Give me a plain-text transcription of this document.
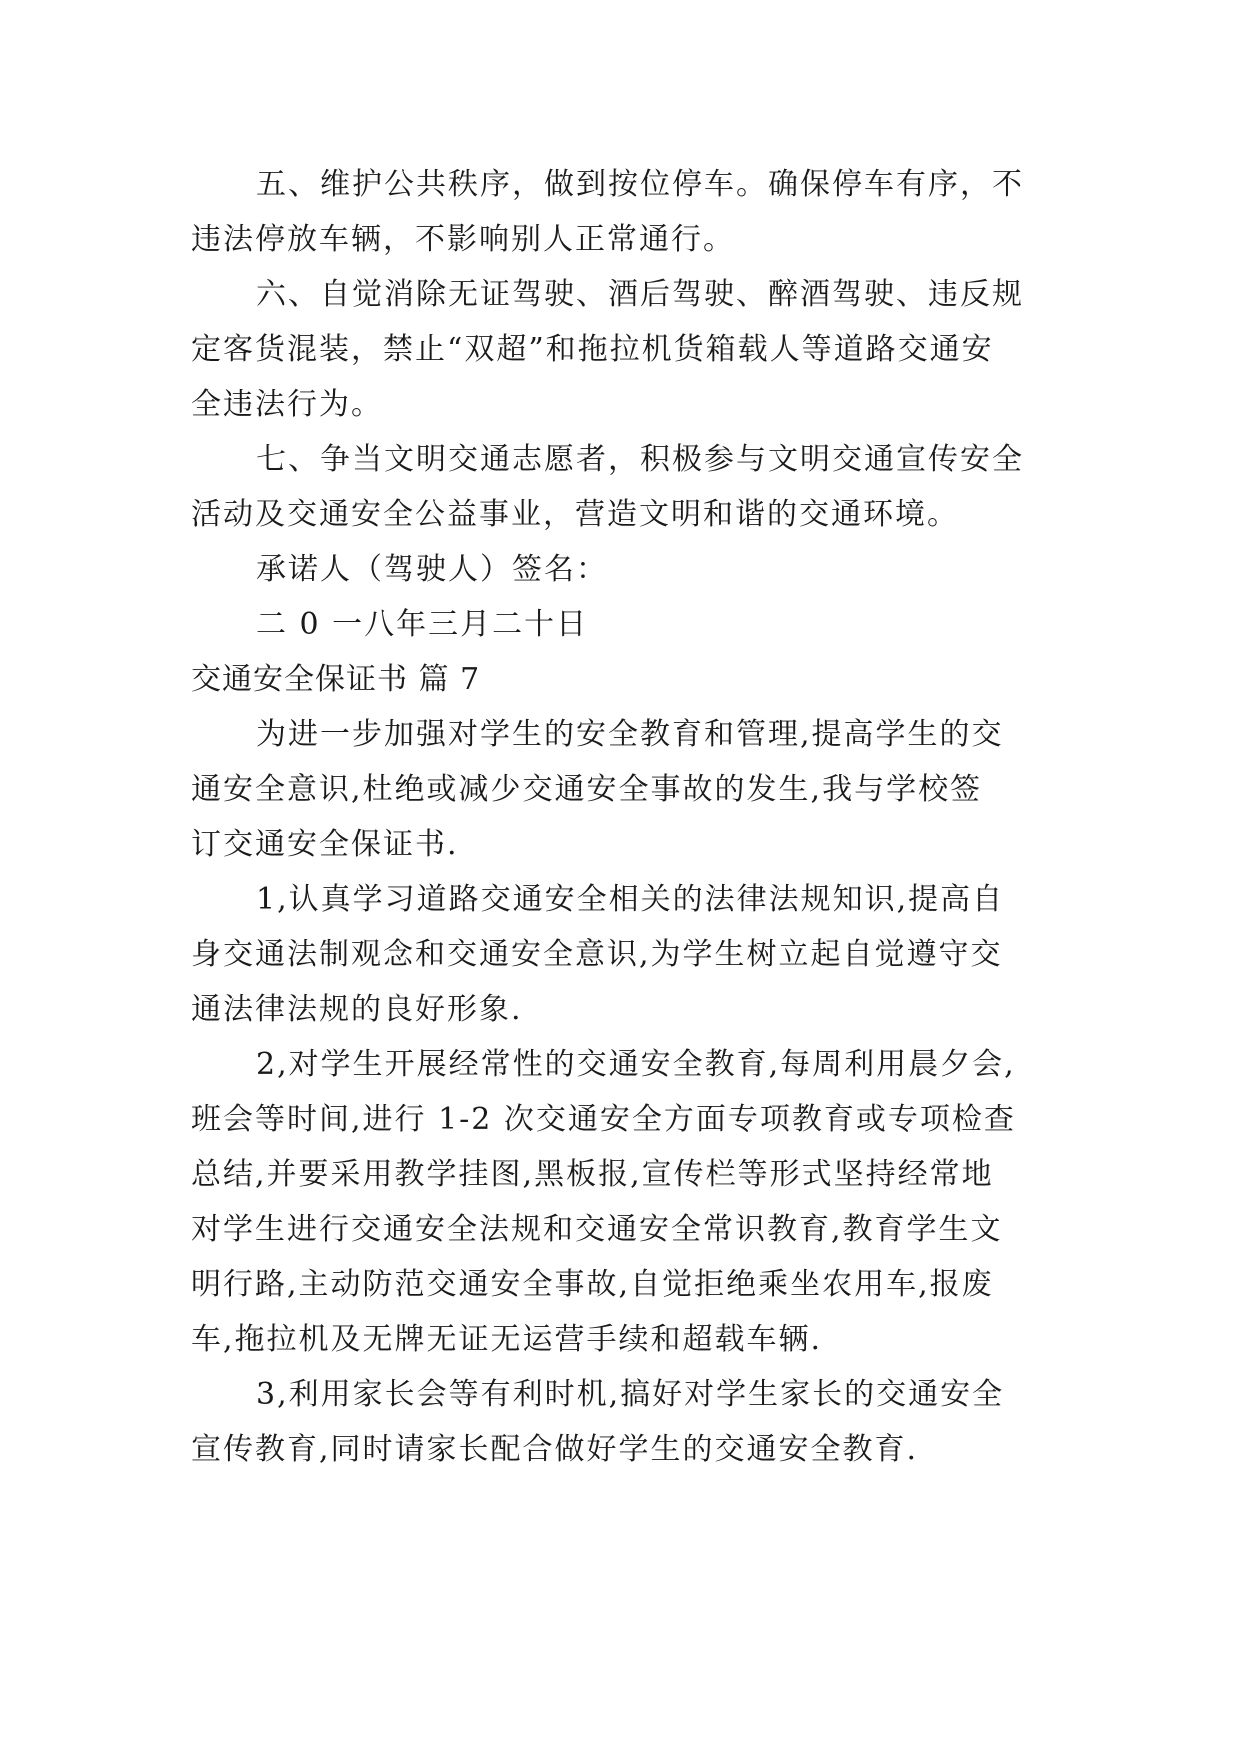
五、维护公共秩序，做到按位停车。确保停车有序，不
违法停放车辆，不影响别人正常通行。
六、自觉消除无证驾驶、酒后驾驶、醉酒驾驶、违反规
定客货混装，禁止“双超”和拖拉机货箱载人等道路交通安
全违法行为。
七、争当文明交通志愿者，积极参与文明交通宣传安全
活动及交通安全公益事业，营造文明和谐的交通环境。
承诺人（驾驶人）签名：
二 0 一八年三月二十日
交通安全保证书 篇 7
为进一步加强对学生的安全教育和管理,提高学生的交
通安全意识,杜绝或减少交通安全事故的发生,我与学校签
订交通安全保证书.
1,认真学习道路交通安全相关的法律法规知识,提高自
身交通法制观念和交通安全意识,为学生树立起自觉遵守交
通法律法规的良好形象.
2,对学生开展经常性的交通安全教育,每周利用晨夕会,
班会等时间,进行 1-2 次交通安全方面专项教育或专项检查
总结,并要采用教学挂图,黑板报,宣传栏等形式坚持经常地
对学生进行交通安全法规和交通安全常识教育,教育学生文
明行路,主动防范交通安全事故,自觉拒绝乘坐农用车,报废
车,拖拉机及无牌无证无运营手续和超载车辆.
3,利用家长会等有利时机,搞好对学生家长的交通安全
宣传教育,同时请家长配合做好学生的交通安全教育.
